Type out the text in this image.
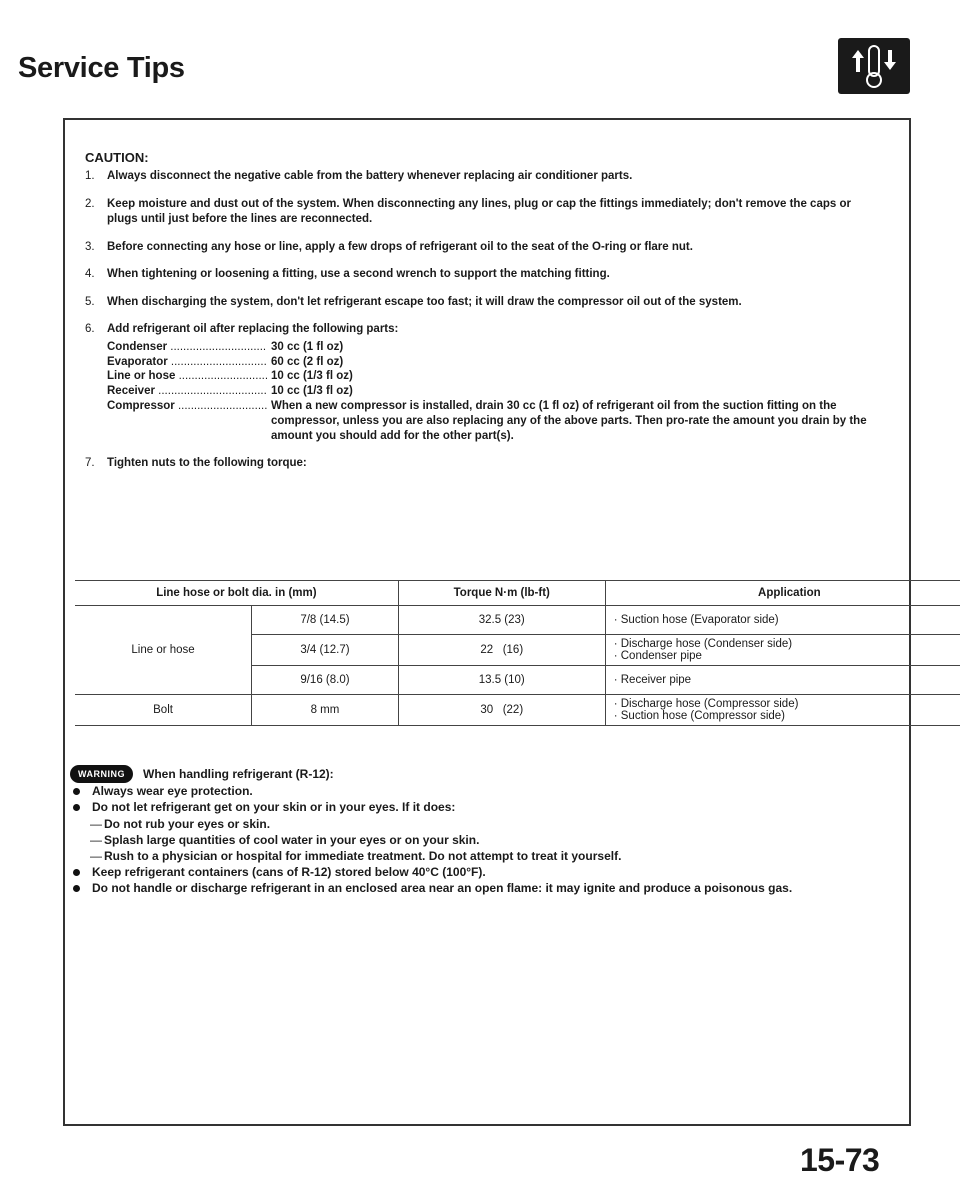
Service Tips
CAUTION:
1. Always disconnect the negative cable from the battery whenever replacing air conditioner parts.
2. Keep moisture and dust out of the system. When disconnecting any lines, plug or cap the fittings immediately; don't remove the caps or plugs until just before the lines are reconnected.
3. Before connecting any hose or line, apply a few drops of refrigerant oil to the seat of the O-ring or flare nut.
4. When tightening or loosening a fitting, use a second wrench to support the matching fitting.
5. When discharging the system, don't let refrigerant escape too fast; it will draw the compressor oil out of the system.
6. Add refrigerant oil after replacing the following parts:
Condenser .....	30 cc (1 fl oz)
Evaporator .....	60 cc (2 fl oz)
Line or hose .....	10 cc (1/3 fl oz)
Receiver .....	10 cc (1/3 fl oz)
Compressor .....	When a new compressor is installed, drain 30 cc (1 fl oz) of refrigerant oil from the suction fitting on the compressor, unless you are also replacing any of the above parts. Then pro-rate the amount you drain by the amount you should add for the other part(s).
7. Tighten nuts to the following torque:
Line hose or bolt dia. in (mm)		Torque N·m (lb-ft)	Application
Line or hose	7/8 (14.5)	32.5 (23)	· Suction hose (Evaporator side)

	3/4 (12.7)	22   (16)	· Discharge hose (Condenser side)
· Condenser pipe

	9/16 (8.0)	13.5 (10)	· Receiver pipe

Bolt	8 mm	30   (22)	· Discharge hose (Compressor side)
· Suction hose (Compressor side)
WARNING	When handling refrigerant (R-12):
Always wear eye protection.
Do not let refrigerant get on your skin or in your eyes. If it does:
— Do not rub your eyes or skin.
— Splash large quantities of cool water in your eyes or on your skin.
— Rush to a physician or hospital for immediate treatment. Do not attempt to treat it yourself.
Keep refrigerant containers (cans of R-12) stored below 40°C (100°F).
Do not handle or discharge refrigerant in an enclosed area near an open flame: it may ignite and produce a poisonous gas.
15-73
